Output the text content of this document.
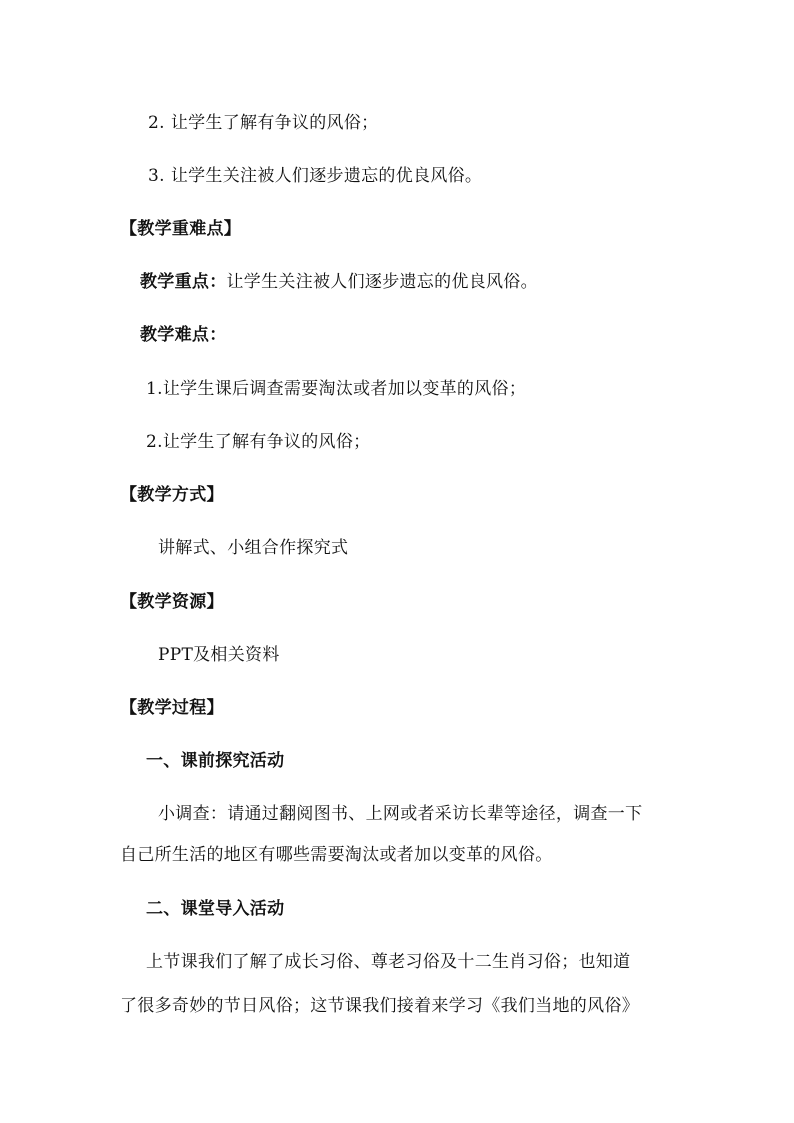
2. 让学生了解有争议的风俗；
3. 让学生关注被人们逐步遗忘的优良风俗。
【教学重难点】
教学重点：让学生关注被人们逐步遗忘的优良风俗。
教学难点：
1.让学生课后调查需要淘汰或者加以变革的风俗；
2.让学生了解有争议的风俗；
【教学方式】
讲解式、小组合作探究式
【教学资源】
PPT及相关资料
【教学过程】
一、课前探究活动
小调查：请通过翻阅图书、上网或者采访长辈等途径，调查一下
自己所生活的地区有哪些需要淘汰或者加以变革的风俗。
二、课堂导入活动
上节课我们了解了成长习俗、尊老习俗及十二生肖习俗；也知道
了很多奇妙的节日风俗；这节课我们接着来学习《我们当地的风俗》
